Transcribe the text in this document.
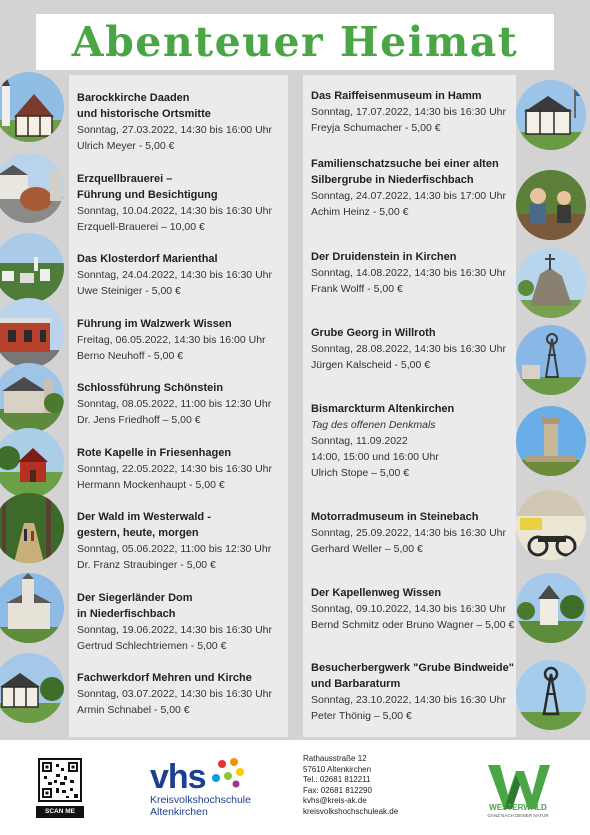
Abenteuer Heimat
Barockkirche Daaden
und historische Ortsmitte
Sonntag, 27.03.2022, 14:30 bis 16:00 Uhr
Ulrich Meyer - 5,00 €
Erzquellbrauerei –
Führung und Besichtigung
Sonntag, 10.04.2022, 14:30 bis 16:30 Uhr
Erzquell-Brauerei – 10,00 €
Das Klosterdorf Marienthal
Sonntag, 24.04.2022, 14:30 bis 16:30 Uhr
Uwe Steiniger - 5,00 €
Führung im Walzwerk Wissen
Freitag, 06.05.2022, 14:30 bis 16:00 Uhr
Berno Neuhoff - 5,00 €
Schlossführung Schönstein
Sonntag, 08.05.2022, 11:00 bis 12:30 Uhr
Dr. Jens Friedhoff – 5,00 €
Rote Kapelle in Friesenhagen
Sonntag, 22.05.2022, 14:30 bis 16:30 Uhr
Hermann Mockenhaupt - 5,00 €
Der Wald im Westerwald -
gestern, heute, morgen
Sonntag, 05.06.2022, 11:00 bis 12:30 Uhr
Dr. Franz Straubinger - 5,00 €
Der Siegerländer Dom
in Niederfischbach
Sonntag, 19.06.2022, 14:30 bis 16:30 Uhr
Gertrud Schlechtriemen - 5,00 €
Fachwerkdorf Mehren und Kirche
Sonntag, 03.07.2022, 14:30 bis 16:30 Uhr
Armin Schnabel - 5,00 €
Das Raiffeisenmuseum in Hamm
Sonntag, 17.07.2022, 14:30 bis 16:30 Uhr
Freyja Schumacher - 5,00 €
Familienschatzsuche bei einer alten
Silbergrube in Niederfischbach
Sonntag, 24.07.2022, 14:30 bis 17:00 Uhr
Achim Heinz - 5,00 €
Der Druidenstein in Kirchen
Sonntag, 14.08.2022, 14:30 bis 16:30 Uhr
Frank Wolff - 5,00 €
Grube Georg in Willroth
Sonntag, 28.08.2022, 14:30 bis 16:30 Uhr
Jürgen Kalscheid - 5,00 €
Bismarckturm Altenkirchen
Tag des offenen Denkmals
Sonntag, 11.09.2022
14:00, 15:00 und 16:00 Uhr
Ulrich Stope – 5,00 €
Motorradmuseum in Steinebach
Sonntag, 25.09.2022, 14:30 bis 16:30 Uhr
Gerhard Weller – 5,00 €
Der Kapellenweg Wissen
Sonntag, 09.10.2022, 14.30 bis 16:30 Uhr
Bernd Schmitz oder Bruno Wagner – 5,00 €
Besucherbergwerk "Grube Bindweide"
und Barbaraturm
Sonntag, 23.10.2022, 14:30 bis 16:30 Uhr
Peter Thönig – 5,00 €
SCAN ME
vhs
Kreisvolkshochschule
Altenkirchen
Rathausstraße 12
57610 Altenkirchen
Tel.: 02681 812211
Fax: 02681 812290
kvhs@kreis-ak.de
kreisvolkshochschuleak.de	WESTERWALD
GANZ NACH DEINER NATUR
